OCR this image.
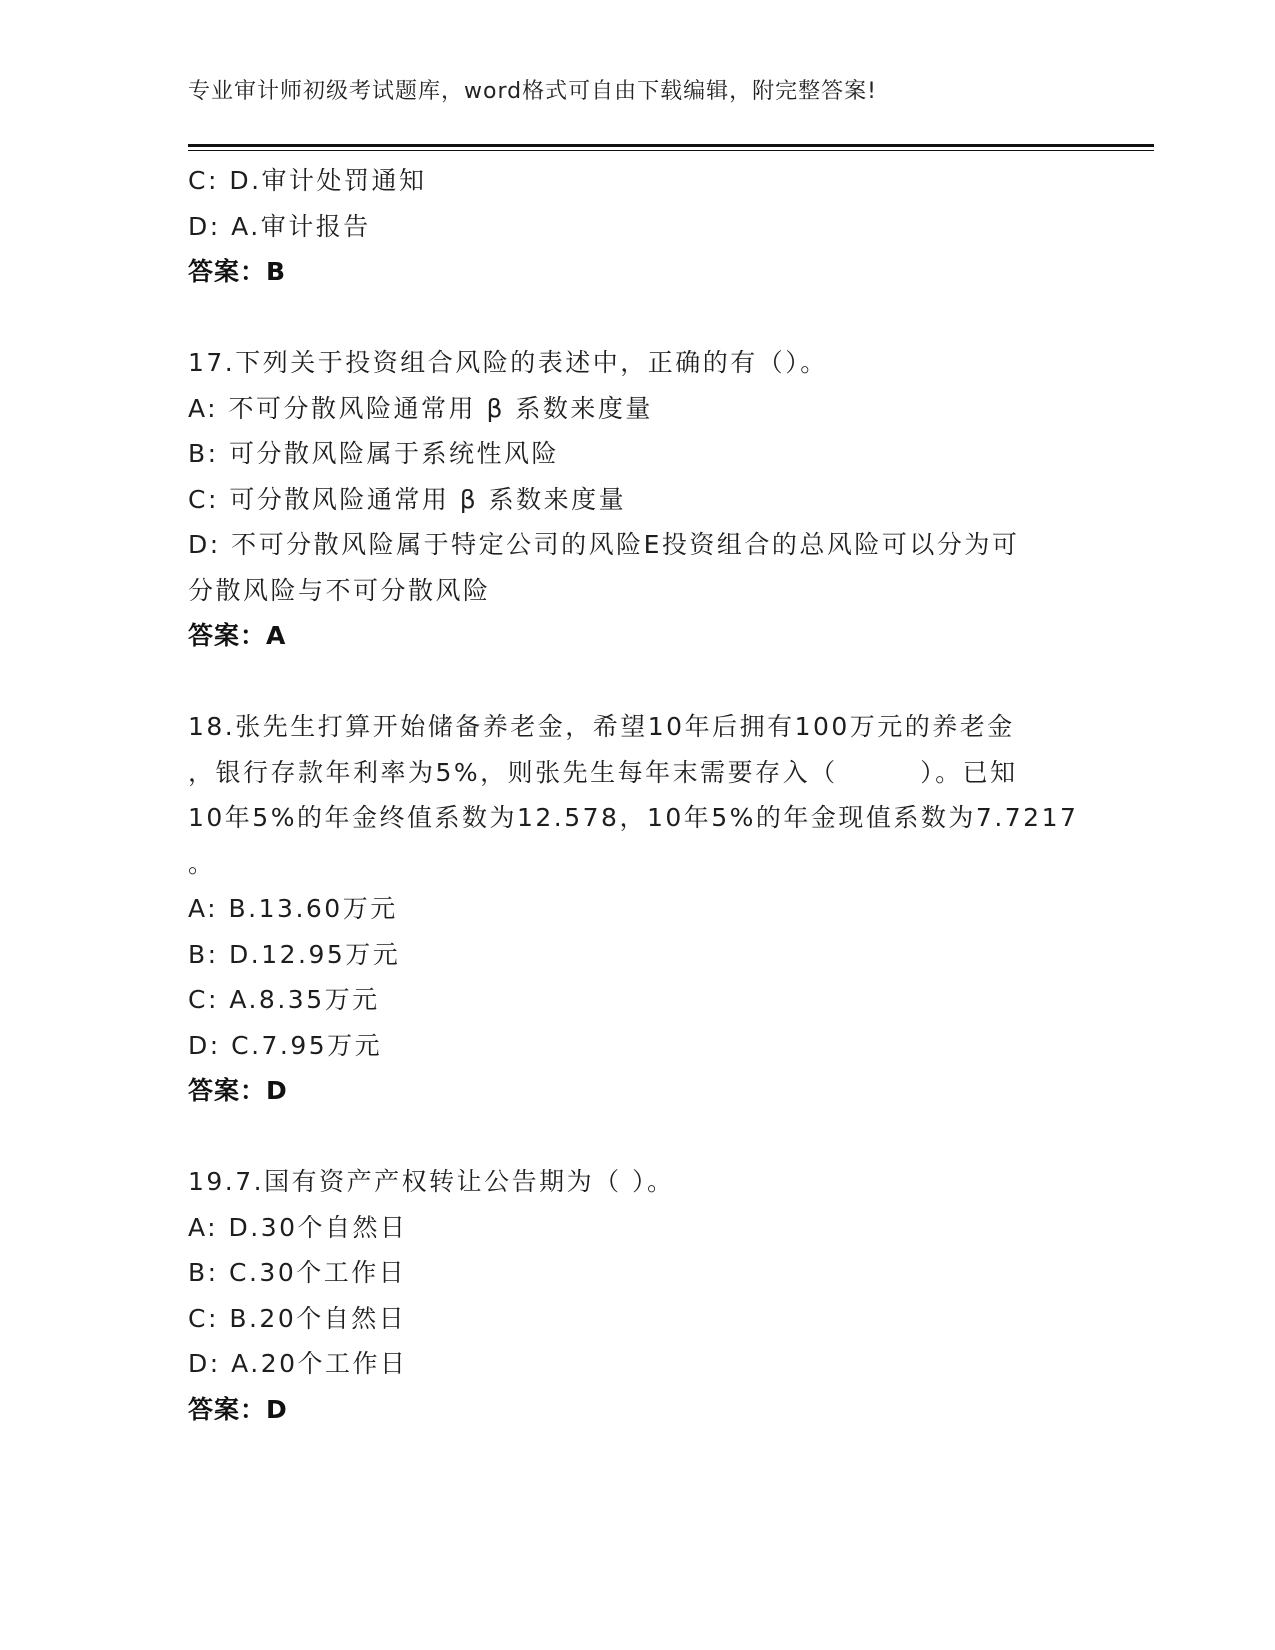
专业审计师初级考试题库，word格式可自由下载编辑，附完整答案!
C: D.审计处罚通知
D: A.审计报告
答案：B
17.下列关于投资组合风险的表述中，正确的有（）。
A: 不可分散风险通常用 β 系数来度量
B: 可分散风险属于系统性风险
C: 可分散风险通常用 β 系数来度量
D: 不可分散风险属于特定公司的风险E投资组合的总风险可以分为可
分散风险与不可分散风险
答案：A
18.张先生打算开始储备养老金，希望10年后拥有100万元的养老金
，银行存款年利率为5%，则张先生每年末需要存入（　　　）。已知
10年5%的年金终值系数为12.578，10年5%的年金现值系数为7.7217
。
A: B.13.60万元
B: D.12.95万元
C: A.8.35万元
D: C.7.95万元
答案：D
19.7.国有资产产权转让公告期为（ ）。
A: D.30个自然日
B: C.30个工作日
C: B.20个自然日
D: A.20个工作日
答案：D
